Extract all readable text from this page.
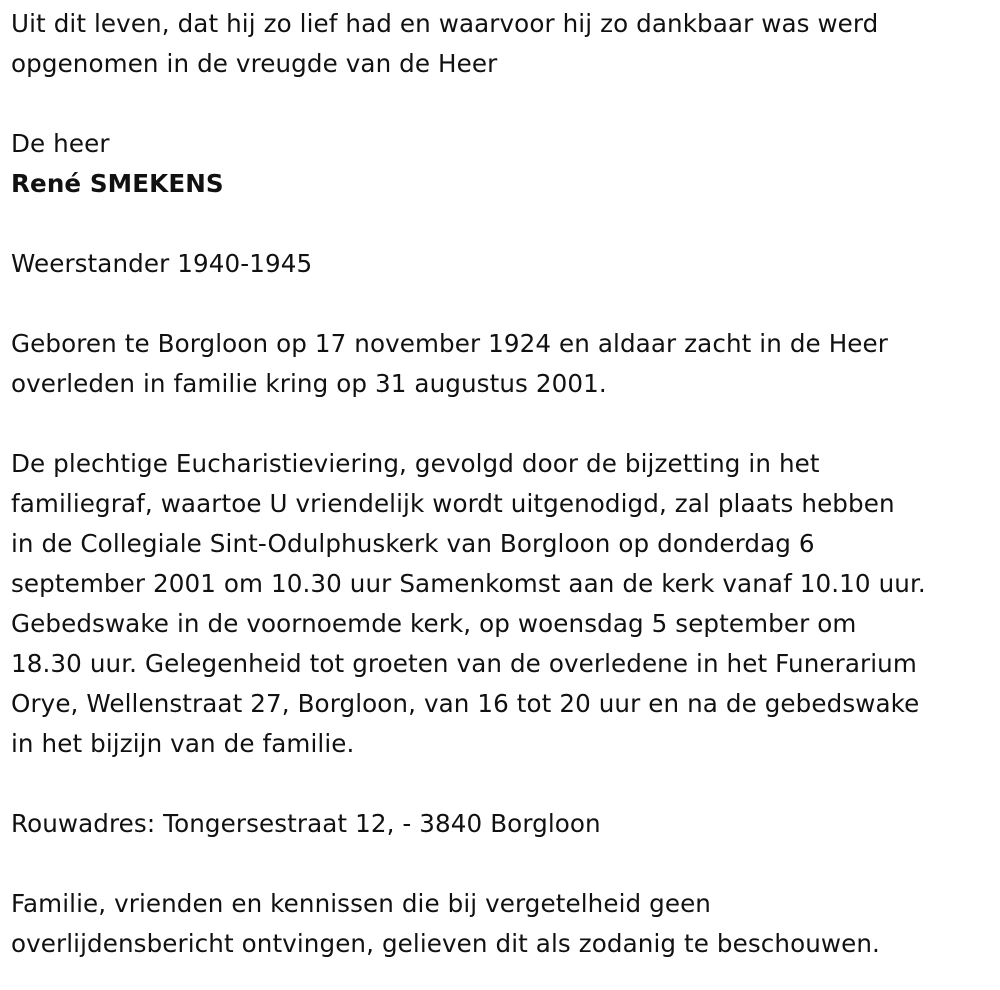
Uit dit leven, dat hij zo lief had en waarvoor hij zo dankbaar was werd
opgenomen in de vreugde van de Heer
De heer
René SMEKENS
Weerstander 1940-1945
Geboren te Borgloon op 17 november 1924 en aldaar zacht in de Heer
overleden in familie kring op 31 augustus 2001.
De plechtige Eucharistieviering, gevolgd door de bijzetting in het
familiegraf, waartoe U vriendelijk wordt uitgenodigd, zal plaats hebben
in de Collegiale Sint-Odulphuskerk van Borgloon op donderdag 6
september 2001 om 10.30 uur Samenkomst aan de kerk vanaf 10.10 uur.
Gebedswake in de voornoemde kerk, op woensdag 5 september om
18.30 uur. Gelegenheid tot groeten van de overledene in het Funerarium
Orye, Wellenstraat 27, Borgloon, van 16 tot 20 uur en na de gebedswake
in het bijzijn van de familie.
Rouwadres: Tongersestraat 12, - 3840 Borgloon
Familie, vrienden en kennissen die bij vergetelheid geen
overlijdensbericht ontvingen, gelieven dit als zodanig te beschouwen.
